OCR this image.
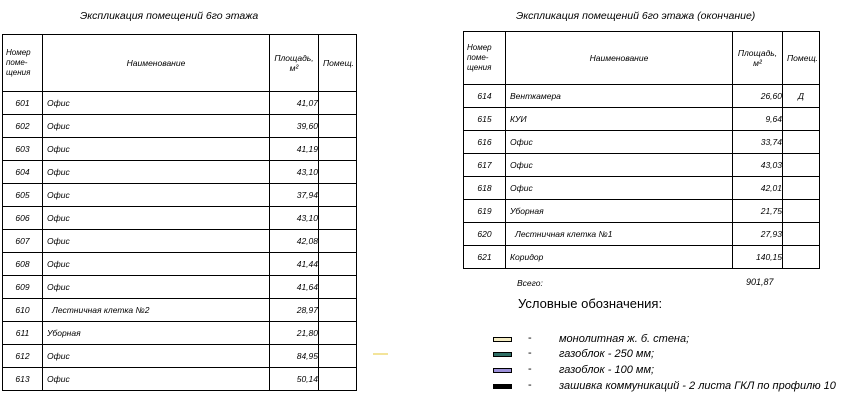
Экспликация помещений 6го этажа
Номер поме-щения	Наименование	Площадь, м²	Помещ.
601	Офис	41,07	
602	Офис	39,60	
603	Офис	41,19	
604	Офис	43,10	
605	Офис	37,94	
606	Офис	43,10	
607	Офис	42,08	
608	Офис	41,44	
609	Офис	41,64	
610	Лестничная клетка №2	28,97	
611	Уборная	21,80	
612	Офис	84,95	
613	Офис	50,14	
Экспликация помещений 6го этажа (окончание)
Номер поме-щения	Наименование	Площадь, м²	Помещ.
614	Венткамера	26,60	Д
615	КУИ	9,64	
616	Офис	33,74	
617	Офис	43,03	
618	Офис	42,01	
619	Уборная	21,75	
620	Лестничная клетка №1	27,93	
621	Коридор	140,15	
Всего:	901,87
Условные обозначения:
- монолитная ж. б. стена;
- газоблок - 250 мм;
- газоблок - 100 мм;
- зашивка коммуникаций - 2 листа ГКЛ по профилю 10
